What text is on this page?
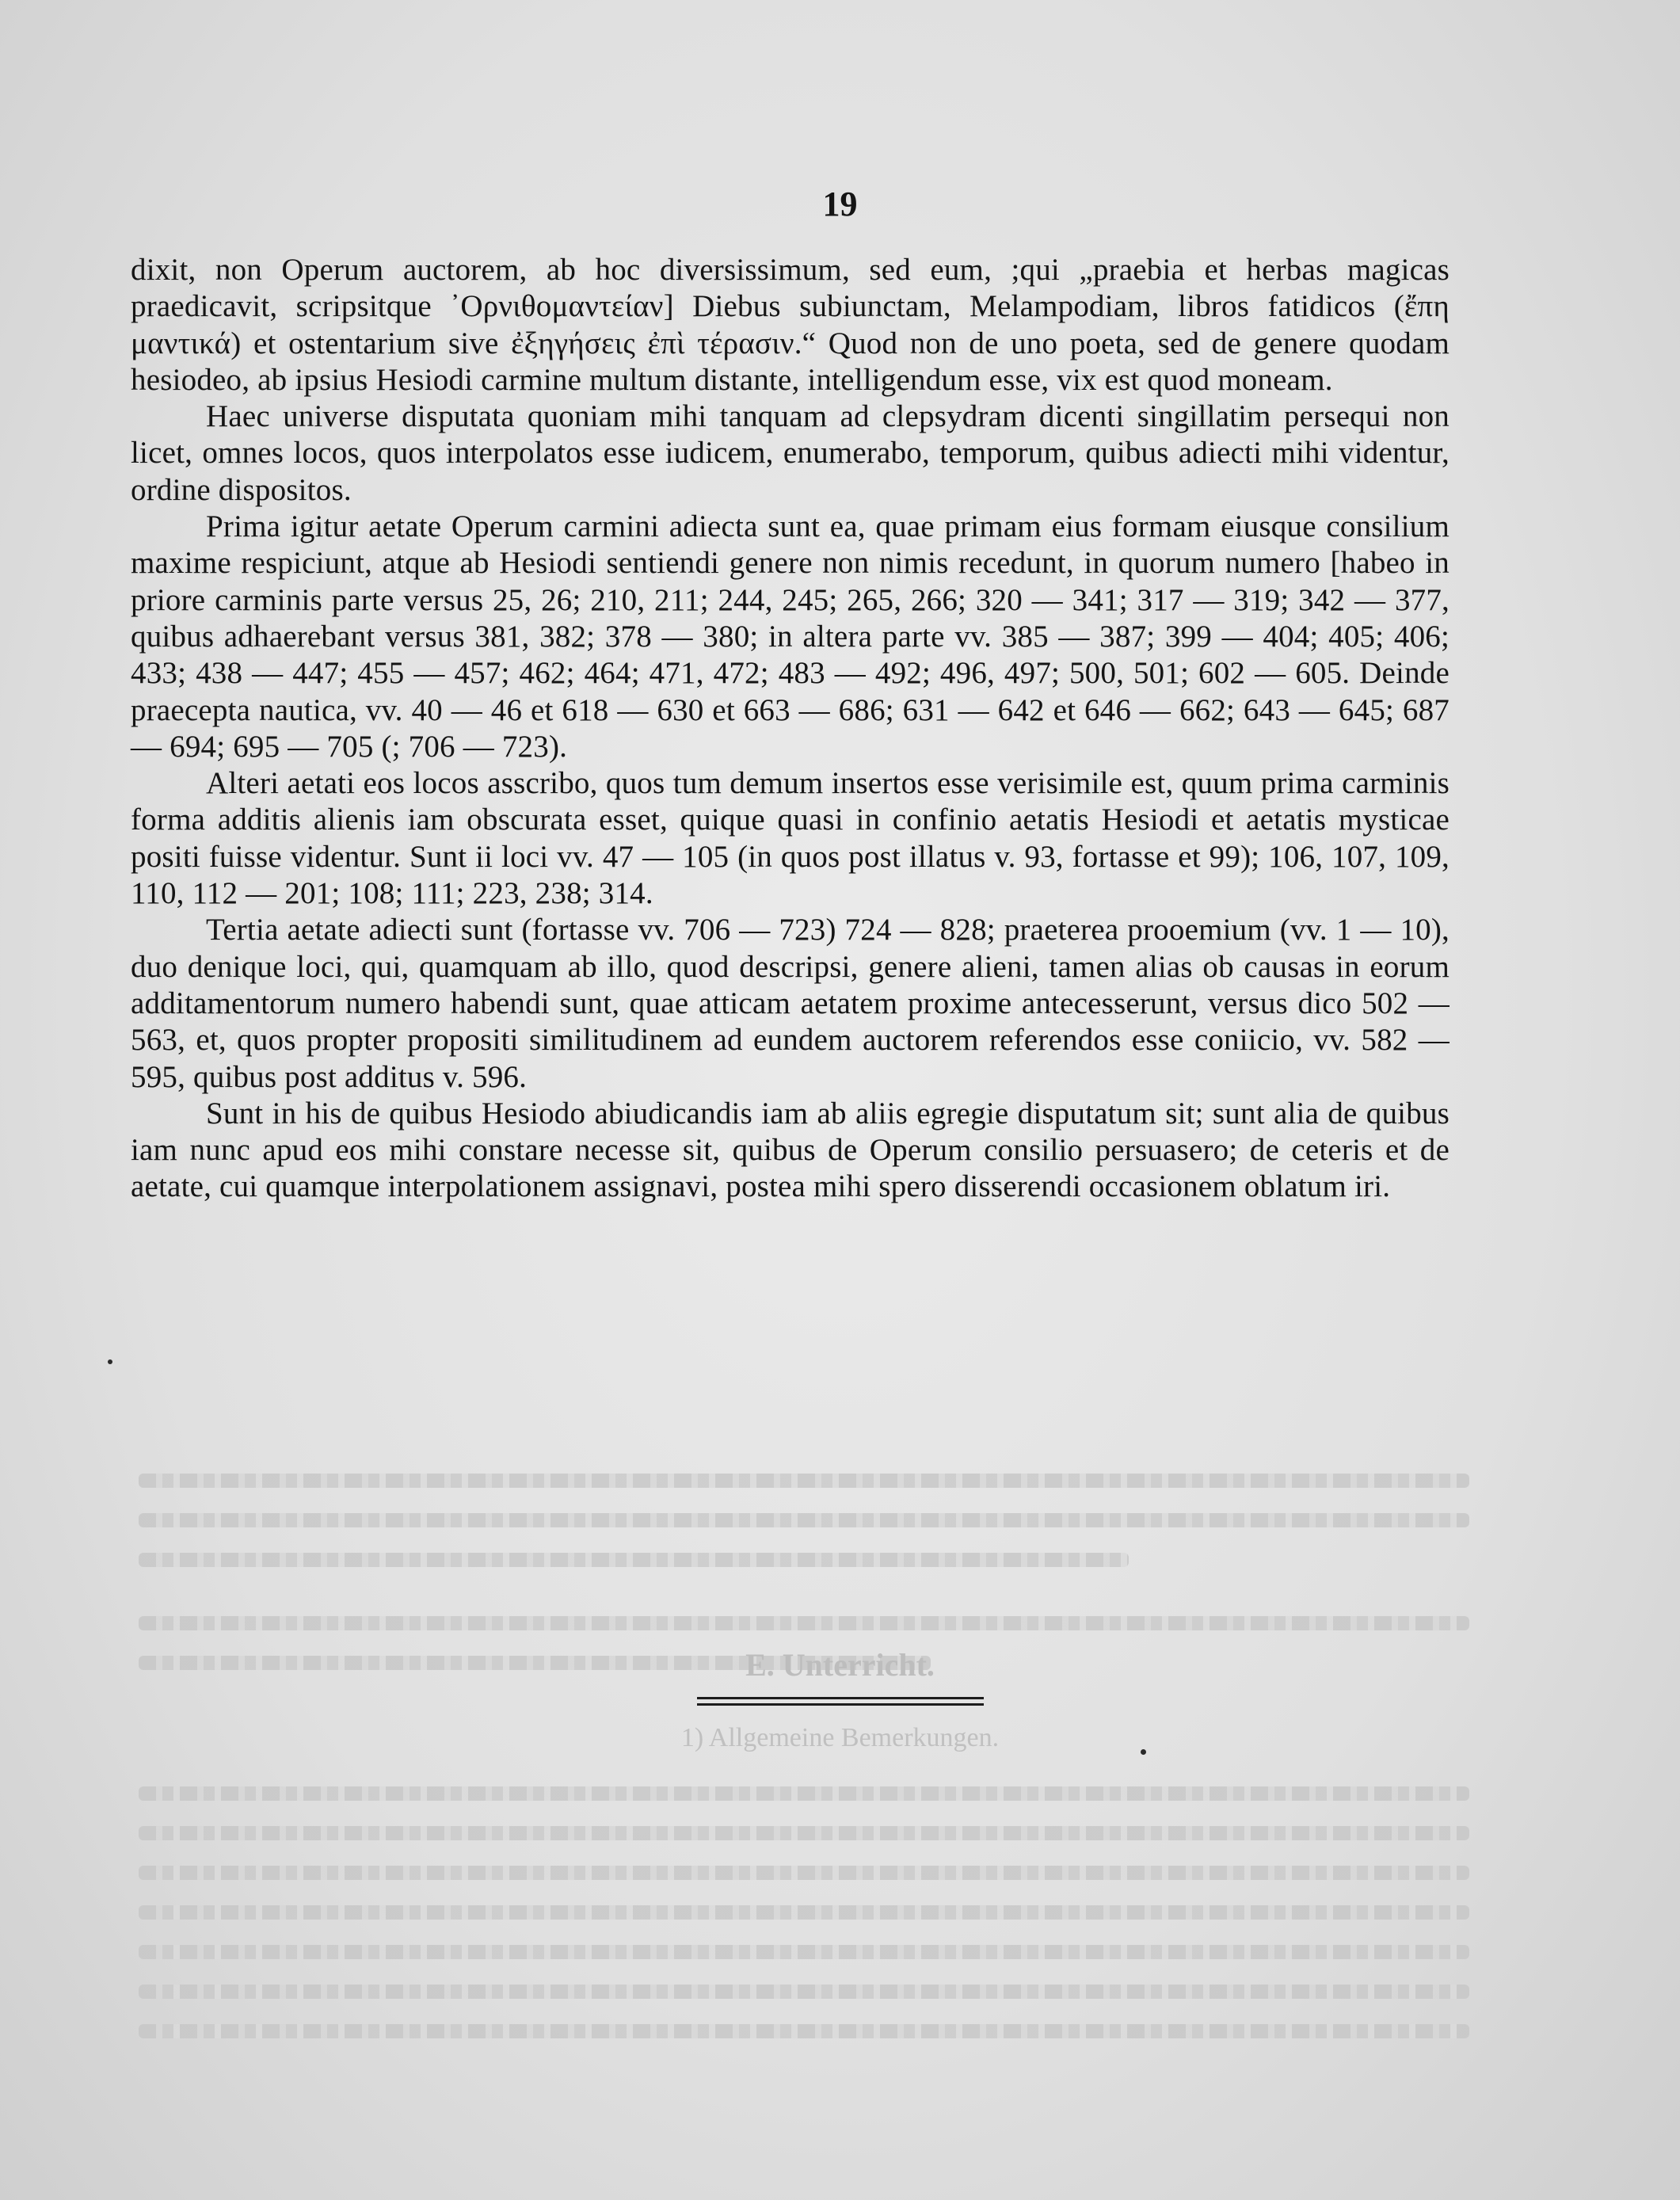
19

dixit, non Operum auctorem, ab hoc diversissimum, sed eum, ;qui „praebia et herbas magicas praedicavit, scripsitque ᾿Ορνιθομαντείαν] Diebus subiunctam, Melampodiam, libros fatidicos (ἔπη μαντικά) et ostentarium sive ἐξηγήσεις ἐπὶ τέρασιν.“ Quod non de uno poeta, sed de genere quodam hesiodeo, ab ipsius Hesiodi carmine multum distante, intelligendum esse, vix est quod moneam.

Haec universe disputata quoniam mihi tanquam ad clepsydram dicenti singillatim persequi non licet, omnes locos, quos interpolatos esse iudicem, enumerabo, temporum, quibus adiecti mihi videntur, ordine dispositos.

Prima igitur aetate Operum carmini adiecta sunt ea, quae primam eius formam eiusque consilium maxime respiciunt, atque ab Hesiodi sentiendi genere non nimis recedunt, in quorum numero [habeo in priore carminis parte versus 25, 26; 210, 211; 244, 245; 265, 266; 320 — 341; 317 — 319; 342 — 377, quibus adhaerebant versus 381, 382; 378 — 380; in altera parte vv. 385 — 387; 399 — 404; 405; 406; 433; 438 — 447; 455 — 457; 462; 464; 471, 472; 483 — 492; 496, 497; 500, 501; 602 — 605. Deinde praecepta nautica, vv. 40 — 46 et 618 — 630 et 663 — 686; 631 — 642 et 646 — 662; 643 — 645; 687 — 694; 695 — 705 (; 706 — 723).

Alteri aetati eos locos asscribo, quos tum demum insertos esse verisimile est, quum prima carminis forma additis alienis iam obscurata esset, quique quasi in confinio aetatis Hesiodi et aetatis mysticae positi fuisse videntur. Sunt ii loci vv. 47 — 105 (in quos post illatus v. 93, fortasse et 99); 106, 107, 109, 110, 112 — 201; 108; 111; 223, 238; 314.

Tertia aetate adiecti sunt (fortasse vv. 706 — 723) 724 — 828; praeterea prooemium (vv. 1 — 10), duo denique loci, qui, quamquam ab illo, quod descripsi, genere alieni, tamen alias ob causas in eorum additamentorum numero habendi sunt, quae atticam aetatem proxime antecesserunt, versus dico 502 — 563, et, quos propter propositi similitudinem ad eundem auctorem referendos esse coniicio, vv. 582 — 595, quibus post additus v. 596.

Sunt in his de quibus Hesiodo abiudicandis iam ab aliis egregie disputatum sit; sunt alia de quibus iam nunc apud eos mihi constare necesse sit, quibus de Operum consilio persuasero; de ceteris et de aetate, cui quamque interpolationem assignavi, postea mihi spero disserendi occasionem oblatum iri.

E. Unterricht.
1) Allgemeine Bemerkungen.
